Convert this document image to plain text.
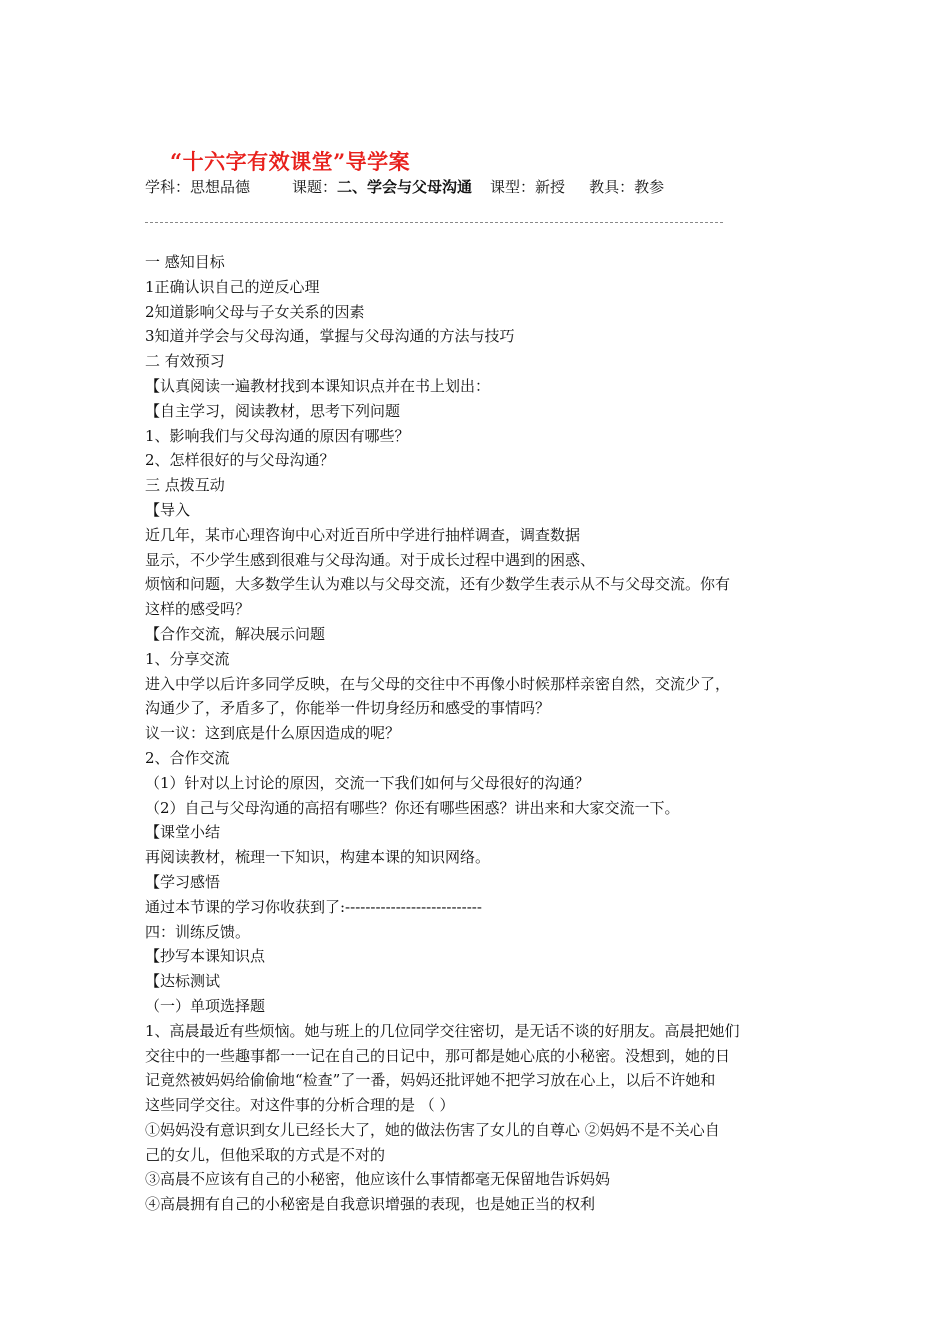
“十六字有效课堂”导学案
学科：思想品德	课题：二、学会与父母沟通 课型：新授 教具：教参
一 感知目标
1正确认识自己的逆反心理
2知道影响父母与子女关系的因素
3知道并学会与父母沟通，掌握与父母沟通的方法与技巧
二 有效预习
【认真阅读一遍教材找到本课知识点并在书上划出：
【自主学习，阅读教材，思考下列问题
1、影响我们与父母沟通的原因有哪些？
2、怎样很好的与父母沟通？
三 点拨互动
【导入
近几年，某市心理咨询中心对近百所中学进行抽样调查，调查数据
显示，不少学生感到很难与父母沟通。对于成长过程中遇到的困惑、
烦恼和问题，大多数学生认为难以与父母交流，还有少数学生表示从不与父母交流。你有
这样的感受吗？
【合作交流，解决展示问题
1、分享交流
进入中学以后许多同学反映，在与父母的交往中不再像小时候那样亲密自然，交流少了，
沟通少了，矛盾多了，你能举一件切身经历和感受的事情吗？
议一议：这到底是什么原因造成的呢？
2、合作交流
（1）针对以上讨论的原因，交流一下我们如何与父母很好的沟通？
（2）自己与父母沟通的高招有哪些？你还有哪些困惑？讲出来和大家交流一下。
【课堂小结
再阅读教材，梳理一下知识，构建本课的知识网络。
【学习感悟
通过本节课的学习你收获到了:---------------------------
四：训练反馈。
【抄写本课知识点
【达标测试
（一）单项选择题
1、高晨最近有些烦恼。她与班上的几位同学交往密切，是无话不谈的好朋友。高晨把她们
交往中的一些趣事都一一记在自己的日记中，那可都是她心底的小秘密。没想到，她的日
记竟然被妈妈给偷偷地“检查”了一番，妈妈还批评她不把学习放在心上，以后不许她和
这些同学交往。对这件事的分析合理的是 （ ）
①妈妈没有意识到女儿已经长大了，她的做法伤害了女儿的自尊心 ②妈妈不是不关心自
己的女儿，但他采取的方式是不对的
③高晨不应该有自己的小秘密，他应该什么事情都毫无保留地告诉妈妈
④高晨拥有自己的小秘密是自我意识增强的表现，也是她正当的权利
